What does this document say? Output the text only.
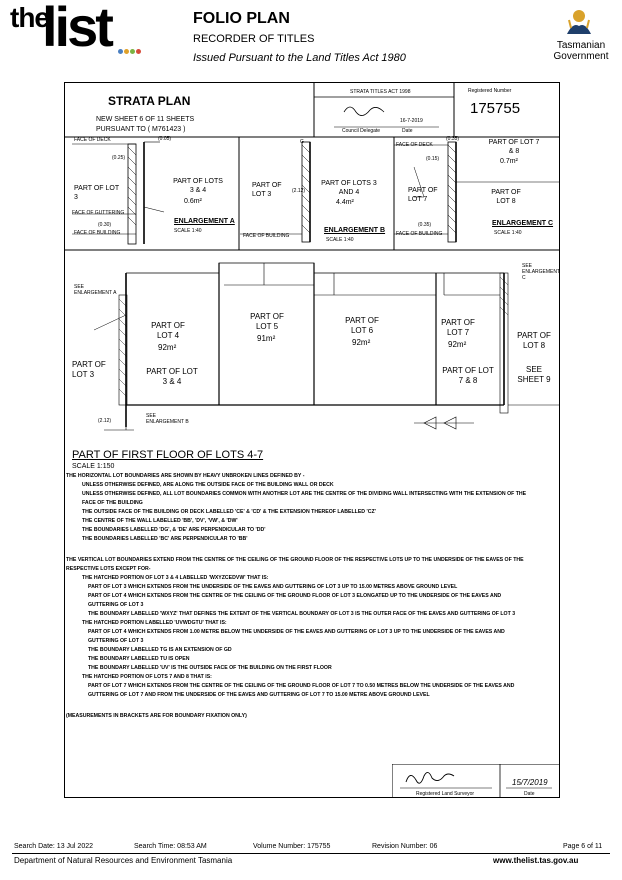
the
list	FOLIO PLAN
RECORDER OF TITLES
Issued Pursuant to the Land Titles Act 1980
Tasmanian
Government
STRATA PLAN
NEW SHEET 6 OF 11 SHEETS
PURSUANT TO ( M761423 )
STRATA TITLES ACT 1998
16-7-2019
Council Delegate	Date
Registered Number
175755
FACE OF DECK	(0.05)
(0.25)
PART OF LOT 3
PART OF LOTS 3 & 4
0.6m²
FACE OF GUTTERING
(0.30)
FACE OF BUILDING
ENLARGEMENT A
SCALE 1:40
G
PART OF LOT 3
PART OF LOTS 3 AND 4
4.4m²
(2.12)
FACE OF BUILDING
ENLARGEMENT B
SCALE 1:40
FACE OF DECK
(0.35)
(0.15)
PART OF LOT 7 & 8
0.7m²
PART OF LOT 7
PART OF LOT 8
(0.35)
FACE OF BUILDING
ENLARGEMENT C
SCALE 1:40
SEE ENLARGEMENT A
SEE ENLARGEMENT B
SEE ENLARGEMENT C
(2.12)
PART OF LOT 4
92m²
PART OF LOT 5
91m²
PART OF LOT 6
92m²
PART OF LOT 7
92m²
PART OF LOT 8
PART OF LOT 3	PART OF LOT 3 & 4
PART OF LOT 7 & 8
SEE SHEET 9
PART OF FIRST FLOOR OF LOTS 4-7
SCALE 1:150
THE HORIZONTAL LOT BOUNDARIES ARE SHOWN BY HEAVY UNBROKEN LINES DEFINED BY -
UNLESS OTHERWISE DEFINED, ARE ALONG THE OUTSIDE FACE OF THE BUILDING WALL OR DECK
UNLESS OTHERWISE DEFINED, ALL LOT BOUNDARIES COMMON WITH ANOTHER LOT ARE THE CENTRE OF THE DIVIDING WALL INTERSECTING WITH THE EXTENSION OF THE
FACE OF THE BUILDING
THE OUTSIDE FACE OF THE BUILDING OR DECK LABELLED 'CE' & 'CD' & THE EXTENSION THEREOF LABELLED 'CZ'
THE CENTRE OF THE WALL LABELLED 'BB', 'DV', 'VW', & 'DW'
THE BOUNDARIES LABELLED 'DG', & 'DE' ARE PERPENDICULAR TO 'DD'
THE BOUNDARIES LABELLED 'BC' ARE PERPENDICULAR TO 'BB'
THE VERTICAL LOT BOUNDARIES EXTEND FROM THE CENTRE OF THE CEILING OF THE GROUND FLOOR OF THE RESPECTIVE LOTS UP TO THE UNDERSIDE OF THE EAVES OF THE
RESPECTIVE LOTS EXCEPT FOR-
THE HATCHED PORTION OF LOT 3 & 4 LABELLED 'WXYZCEDVW' THAT IS:
PART OF LOT 3 WHICH EXTENDS FROM THE UNDERSIDE OF THE EAVES AND GUTTERING OF LOT 3 UP TO 15.00 METRES ABOVE GROUND LEVEL
PART OF LOT 4 WHICH EXTENDS FROM THE CENTRE OF THE CEILING OF THE GROUND FLOOR OF LOT 3 ELONGATED UP TO THE UNDERSIDE OF THE EAVES AND
GUTTERING OF LOT 3
THE BOUNDARY LABELLED 'WXYZ' THAT DEFINES THE EXTENT OF THE VERTICAL BOUNDARY OF LOT 3 IS THE OUTER FACE OF THE EAVES AND GUTTERING OF LOT 3
THE HATCHED PORTION LABELLED 'UVWDGTU' THAT IS:
PART OF LOT 4 WHICH EXTENDS FROM 1.00 METRE BELOW THE UNDERSIDE OF THE EAVES AND GUTTERING OF LOT 3 UP TO THE UNDERSIDE OF THE EAVES AND
GUTTERING OF LOT 3
THE BOUNDARY LABELLED TG IS AN EXTENSION OF GD
THE BOUNDARY LABELLED TU IS OPEN
THE BOUNDARY LABELLED 'UV' IS THE OUTSIDE FACE OF THE BUILDING ON THE FIRST FLOOR
THE HATCHED PORTION OF LOTS 7 AND 8 THAT IS:
PART OF LOT 7 WHICH EXTENDS FROM THE CENTRE OF THE CEILING OF THE GROUND FLOOR OF LOT 7 TO 0.50 METRES BELOW THE UNDERSIDE OF THE EAVES AND
GUTTERING OF LOT 7 AND FROM THE UNDERSIDE OF THE EAVES AND GUTTERING OF LOT 7 TO 15.00 METRE ABOVE GROUND LEVEL
(MEASUREMENTS IN BRACKETS ARE FOR BOUNDARY FIXATION ONLY)
15/7/2019
Registered Land Surveyor	Date
Search Date: 13 Jul 2022	Search Time: 08:53 AM	Volume Number: 175755	Revision Number: 06	Page 6 of 11
Department of Natural Resources and Environment Tasmania	www.thelist.tas.gov.au
